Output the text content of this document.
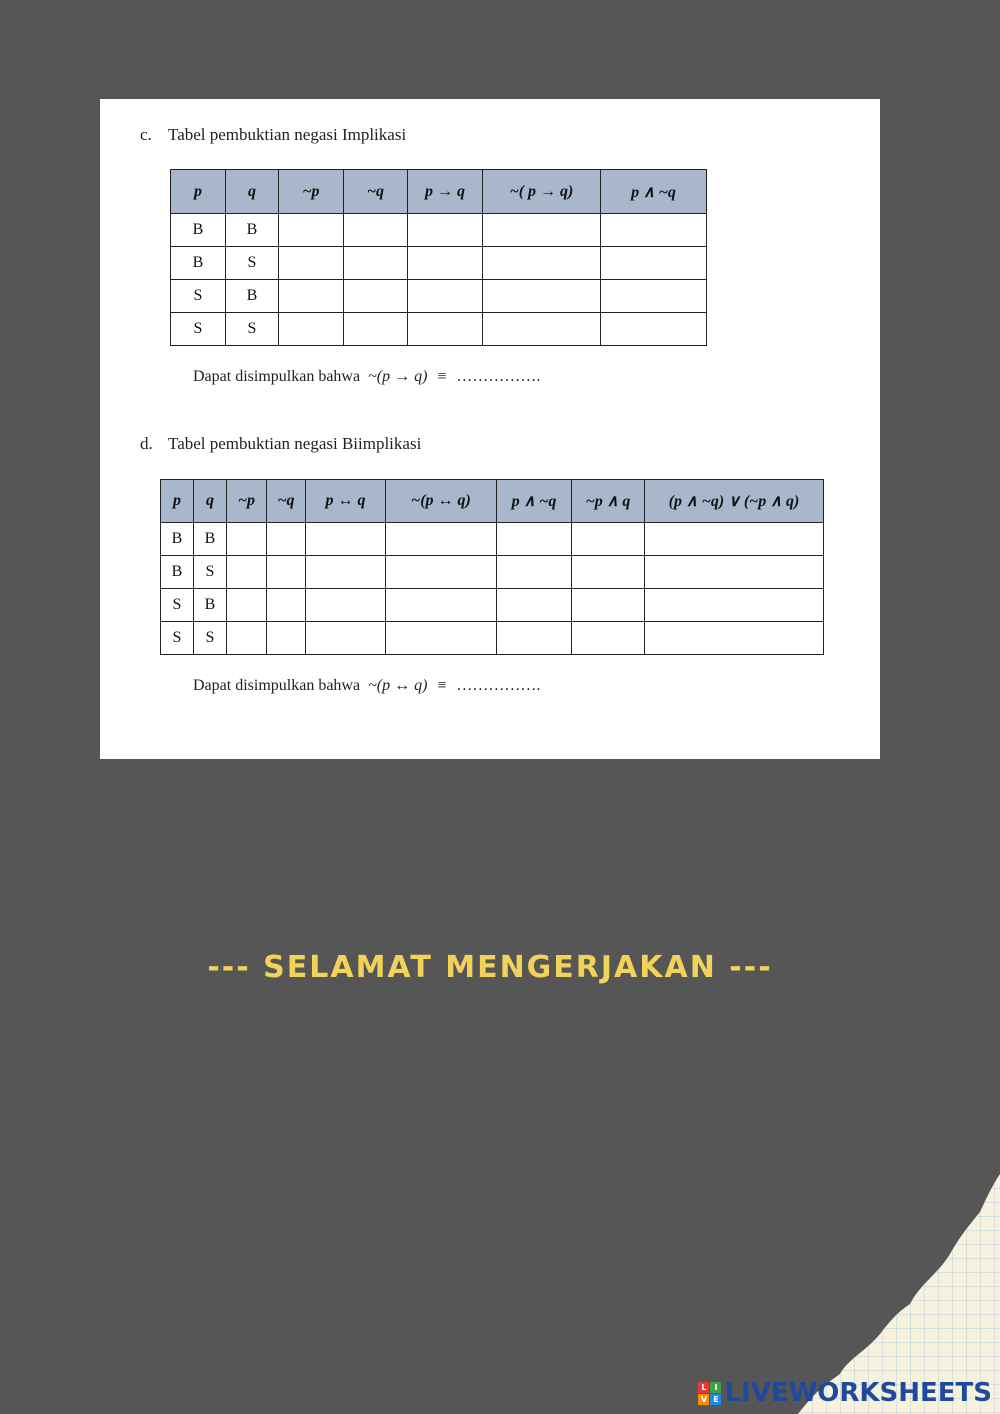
c. Tabel pembuktian negasi Implikasi
p	q	~p	~q	p → q	~( p → q)	p ∧ ~q
B	B					
B	S					
S	B					
S	S					
Dapat disimpulkan bahwa ~(p → q) ≡ …………….
d. Tabel pembuktian negasi Biimplikasi
p	q	~p	~q	p ↔ q	~(p ↔ q)	p ∧ ~q	~p ∧ q	(p ∧ ~q) ∨ (~p ∧ q)
B	B							
B	S							
S	B							
S	S							
Dapat disimpulkan bahwa ~(p ↔ q) ≡ …………….
--- SELAMAT MENGERJAKAN ---
L I
V E LIVEWORKSHEETS
